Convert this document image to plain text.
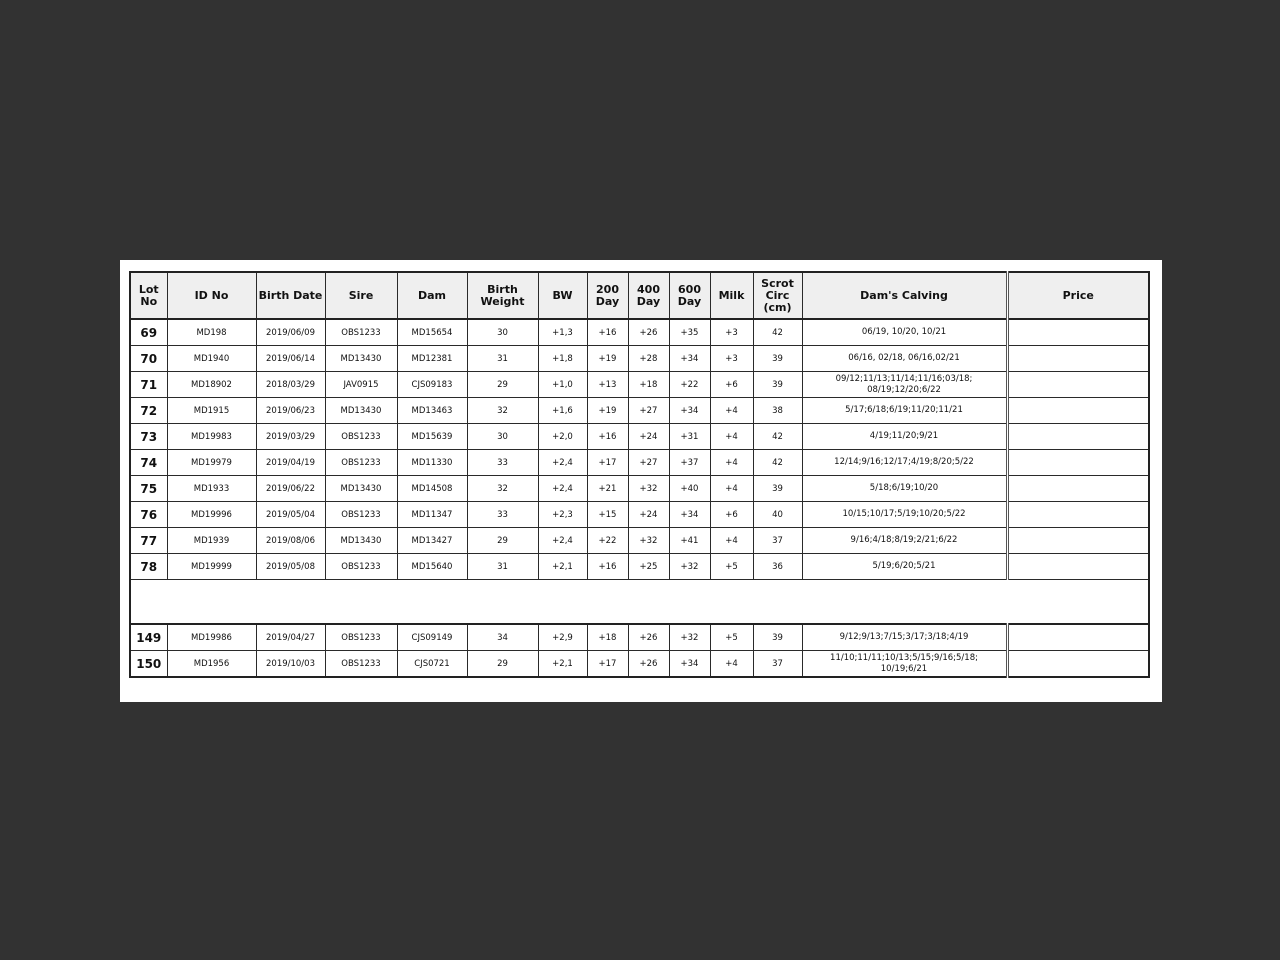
Lot No	ID No	Birth Date	Sire	Dam	Birth Weight	BW	200 Day	400 Day	600 Day	Milk	Scrot Circ (cm)	Dam's Calving	Price
69	MD198	2019/06/09	OBS1233	MD15654	30	+1,3	+16	+26	+35	+3	42	06/19, 10/20, 10/21	
70	MD1940	2019/06/14	MD13430	MD12381	31	+1,8	+19	+28	+34	+3	39	06/16, 02/18, 06/16,02/21	
71	MD18902	2018/03/29	JAV0915	CJS09183	29	+1,0	+13	+18	+22	+6	39	09/12;11/13;11/14;11/16;03/18; 08/19;12/20;6/22	
72	MD1915	2019/06/23	MD13430	MD13463	32	+1,6	+19	+27	+34	+4	38	5/17;6/18;6/19;11/20;11/21	
73	MD19983	2019/03/29	OBS1233	MD15639	30	+2,0	+16	+24	+31	+4	42	4/19;11/20;9/21	
74	MD19979	2019/04/19	OBS1233	MD11330	33	+2,4	+17	+27	+37	+4	42	12/14;9/16;12/17;4/19;8/20;5/22	
75	MD1933	2019/06/22	MD13430	MD14508	32	+2,4	+21	+32	+40	+4	39	5/18;6/19;10/20	
76	MD19996	2019/05/04	OBS1233	MD11347	33	+2,3	+15	+24	+34	+6	40	10/15;10/17;5/19;10/20;5/22	
77	MD1939	2019/08/06	MD13430	MD13427	29	+2,4	+22	+32	+41	+4	37	9/16;4/18;8/19;2/21;6/22	
78	MD19999	2019/05/08	OBS1233	MD15640	31	+2,1	+16	+25	+32	+5	36	5/19;6/20;5/21	

149	MD19986	2019/04/27	OBS1233	CJS09149	34	+2,9	+18	+26	+32	+5	39	9/12;9/13;7/15;3/17;3/18;4/19	
150	MD1956	2019/10/03	OBS1233	CJS0721	29	+2,1	+17	+26	+34	+4	37	11/10;11/11;10/13;5/15;9/16;5/18; 10/19;6/21	
